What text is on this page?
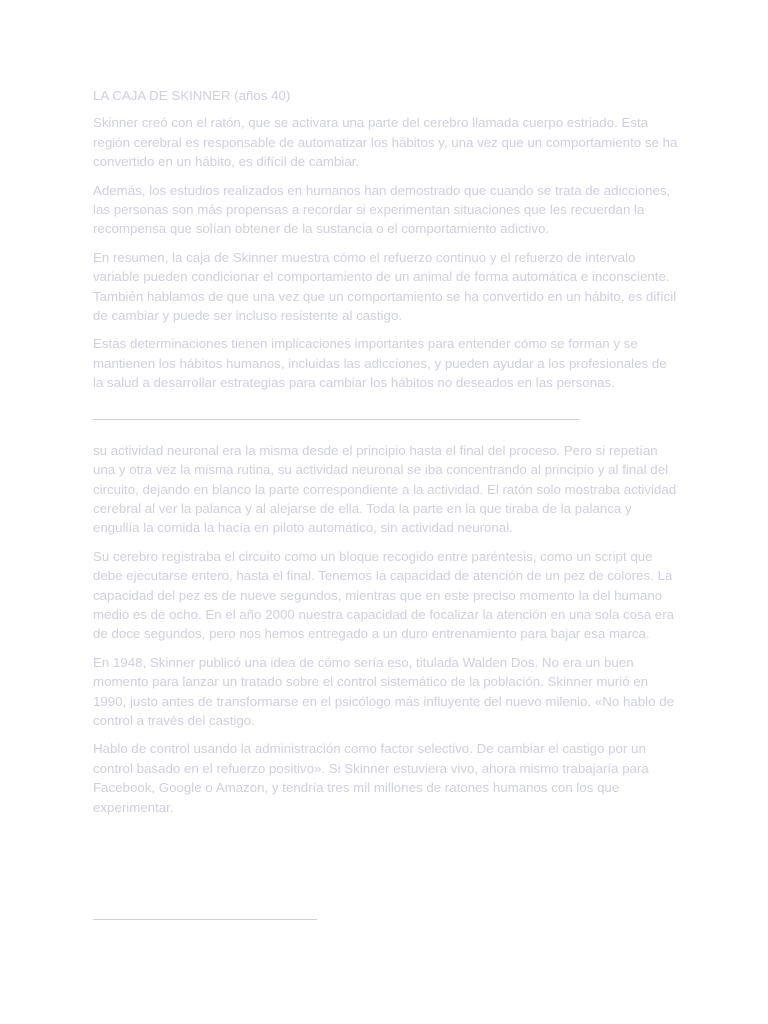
LA CAJA DE SKINNER (años 40)

Skinner creó con el ratón, que se activara una parte del cerebro llamada cuerpo estriado. Esta región cerebral es responsable de automatizar los hábitos y, una vez que un comportamiento se ha convertido en un hábito, es difícil de cambiar.

Además, los estudios realizados en humanos han demostrado que cuando se trata de adicciones, las personas son más propensas a recordar si experimentan situaciones que les recuerdan la recompensa que solían obtener de la sustancia o el comportamiento adictivo.

En resumen, la caja de Skinner muestra cómo el refuerzo continuo y el refuerzo de intervalo variable pueden condicionar el comportamiento de un animal de forma automática e inconsciente. También hablamos de que una vez que un comportamiento se ha convertido en un hábito, es difícil de cambiar y puede ser incluso resistente al castigo.

Estas determinaciones tienen implicaciones importantes para entender cómo se forman y se mantienen los hábitos humanos, incluidas las adicciones, y pueden ayudar a los profesionales de la salud a desarrollar estrategias para cambiar los hábitos no deseados en las personas.

su actividad neuronal era la misma desde el principio hasta el final del proceso. Pero si repetían una y otra vez la misma rutina, su actividad neuronal se iba concentrando al principio y al final del circuito, dejando en blanco la parte correspondiente a la actividad. El ratón solo mostraba actividad cerebral al ver la palanca y al alejarse de ella. Toda la parte en la que tiraba de la palanca y engullía la comida la hacía en piloto automático, sin actividad neuronal.

Su cerebro registraba el circuito como un bloque recogido entre paréntesis, como un script que debe ejecutarse entero, hasta el final. Tenemos la capacidad de atención de un pez de colores. La capacidad del pez es de nueve segundos, mientras que en este preciso momento la del humano medio es de ocho. En el año 2000 nuestra capacidad de focalizar la atención en una sola cosa era de doce segundos, pero nos hemos entregado a un duro entrenamiento para bajar esa marca.

En 1948, Skinner publicó una idea de cómo sería eso, titulada Walden Dos. No era un buen momento para lanzar un tratado sobre el control sistemático de la población. Skinner murió en 1990, justo antes de transformarse en el psicólogo más influyente del nuevo milenio. «No hablo de control a través del castigo.

Hablo de control usando la administración como factor selectivo. De cambiar el castigo por un control basado en el refuerzo positivo». Si Skinner estuviera vivo, ahora mismo trabajaría para Facebook, Google o Amazon, y tendría tres mil millones de ratones humanos con los que experimentar.
